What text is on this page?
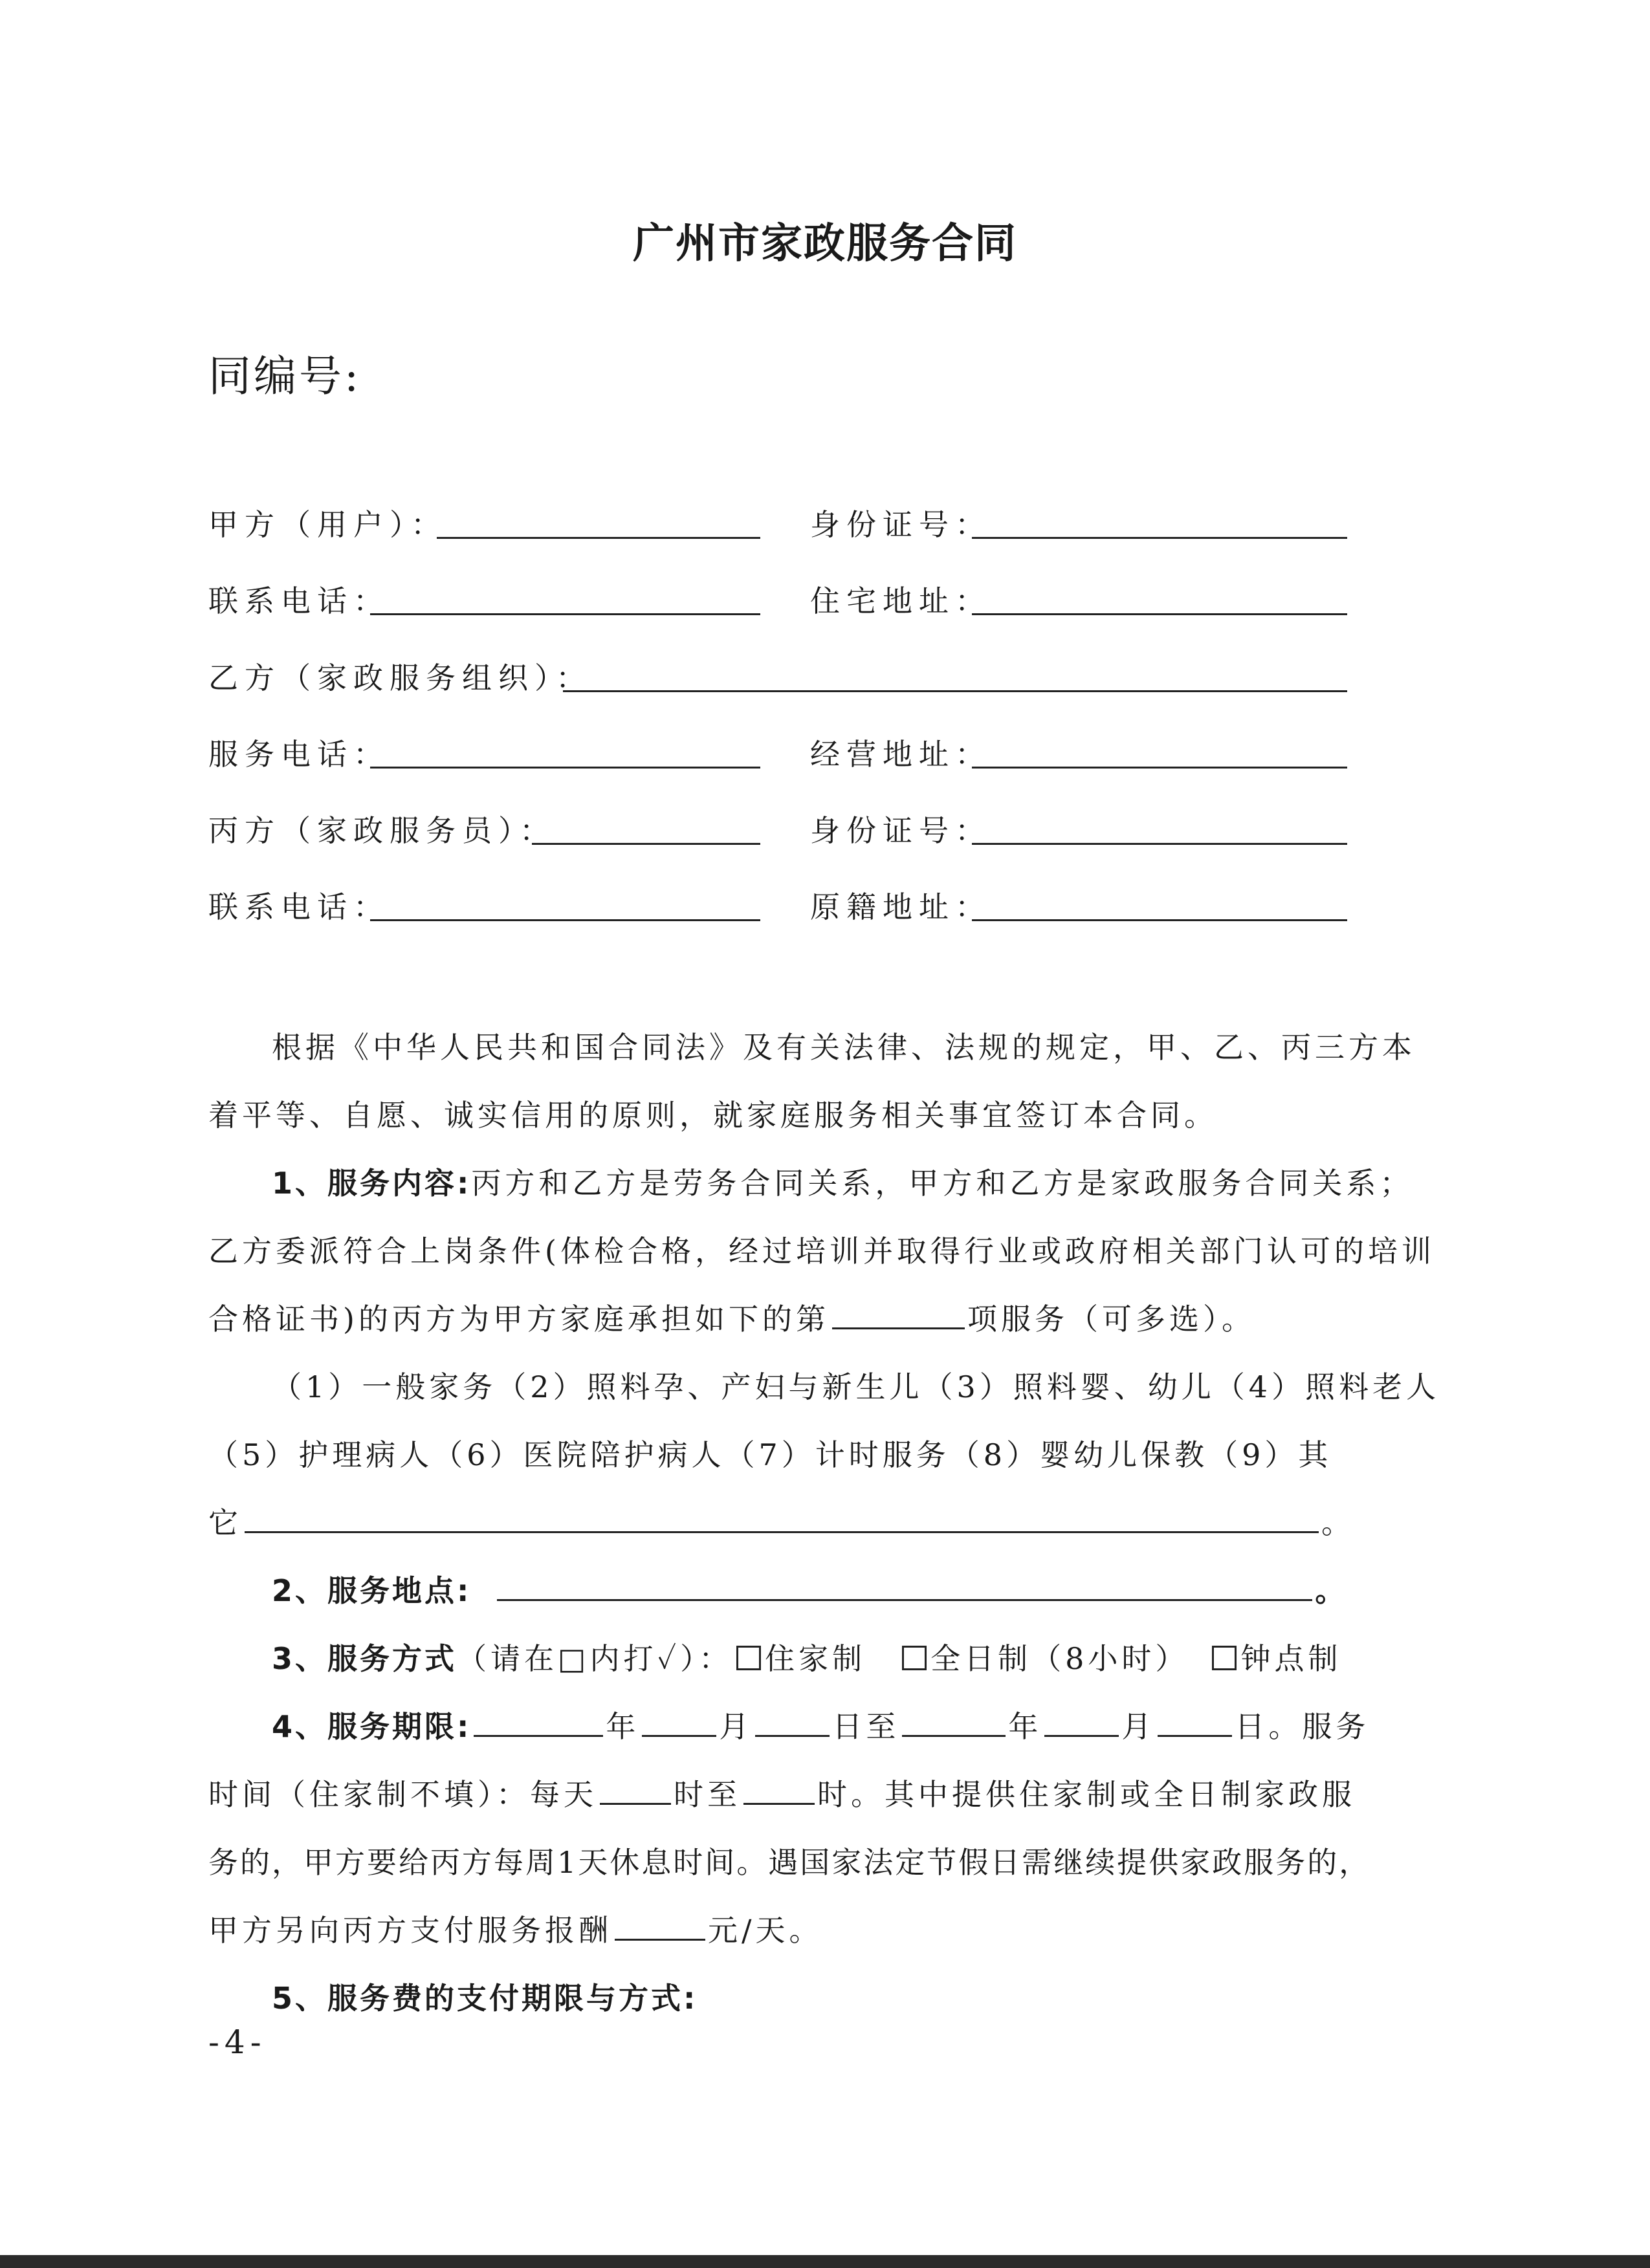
广州市家政服务合同
同编号:
甲方（用户）：	身份证号：
联系电话：	住宅地址：
乙方（家政服务组织）：
服务电话：	经营地址：
丙方（家政服务员）：	身份证号：
联系电话：	原籍地址：
根据《中华人民共和国合同法》及有关法律、法规的规定，甲、乙、丙三方本
着平等、自愿、诚实信用的原则，就家庭服务相关事宜签订本合同。
1、服务内容:丙方和乙方是劳务合同关系，甲方和乙方是家政服务合同关系；
乙方委派符合上岗条件(体检合格，经过培训并取得行业或政府相关部门认可的培训
合格证书)的丙方为甲方家庭承担如下的第	项服务（可多选）。
（1）一般家务（2）照料孕、产妇与新生儿（3）照料婴、幼儿（4）照料老人
（5）护理病人（6）医院陪护病人（7）计时服务（8）婴幼儿保教（9）其
它	。
2、服务地点:	。
3、服务方式（请在□内打✓）： 住家制 全日制（8小时） 钟点制
4、服务期限:	年	月	日至	年	月	日。服务
时间（住家制不填）：每天	时至	时。其中提供住家制或全日制家政服
务的，甲方要给丙方每周1天休息时间。遇国家法定节假日需继续提供家政服务的，
甲方另向丙方支付服务报酬	元/天。
5、服务费的支付期限与方式:
-4-
